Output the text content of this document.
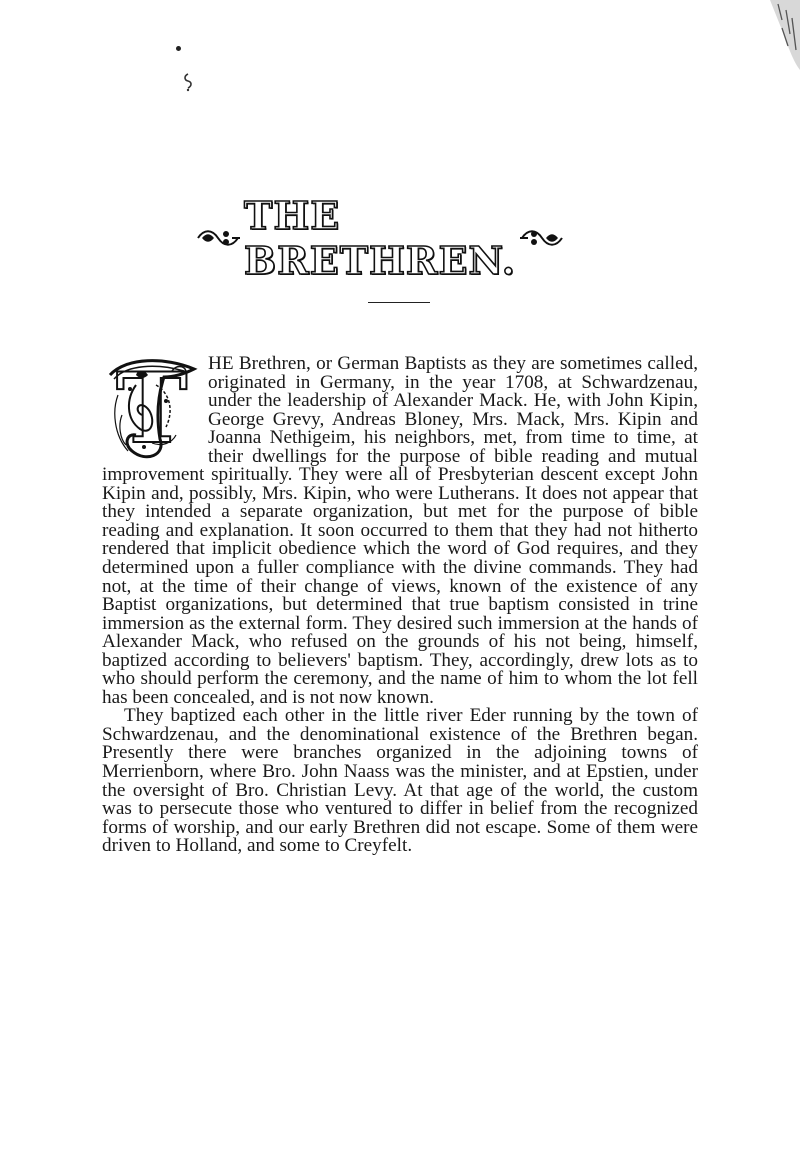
THE BRETHREN.

T HE Brethren, or German Baptists as they are sometimes called, originated in Germany, in the year 1708, at Schwardzenau, under the leadership of Alexander Mack. He, with John Kipin, George Grevy, Andreas Bloney, Mrs. Mack, Mrs. Kipin and Joanna Nethigeim, his neighbors, met, from time to time, at their dwellings for the purpose of bible reading and mutual improvement spiritually. They were all of Presbyterian descent except John Kipin and, possibly, Mrs. Kipin, who were Lutherans. It does not appear that they intended a separate organization, but met for the purpose of bible reading and explanation. It soon occurred to them that they had not hitherto rendered that implicit obedience which the word of God requires, and they determined upon a fuller compliance with the divine commands. They had not, at the time of their change of views, known of the existence of any Baptist organizations, but determined that true baptism consisted in trine immersion as the external form. They desired such immersion at the hands of Alexander Mack, who refused on the grounds of his not being, himself, baptized according to believers' baptism. They, accordingly, drew lots as to who should perform the ceremony, and the name of him to whom the lot fell has been concealed, and is not now known.

They baptized each other in the little river Eder running by the town of Schwardzenau, and the denominational existence of the Brethren began. Presently there were branches organized in the adjoining towns of Merrienborn, where Bro. John Naass was the minister, and at Epstien, under the oversight of Bro. Christian Levy. At that age of the world, the custom was to persecute those who ventured to differ in belief from the recognized forms of worship, and our early Brethren did not escape. Some of them were driven to Holland, and some to Creyfelt.
